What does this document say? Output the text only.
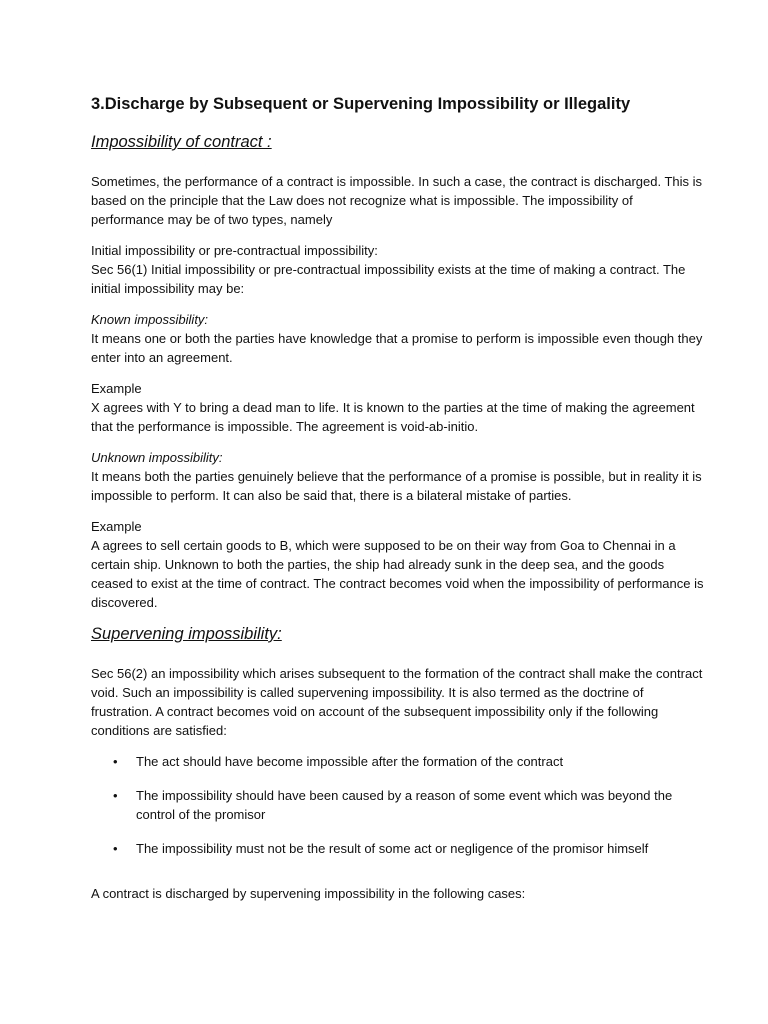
3.Discharge by Subsequent or Supervening Impossibility or Illegality
Impossibility of contract :

Sometimes, the performance of a contract is impossible. In such a case, the contract is discharged. This is based on the principle that the Law does not recognize what is impossible. The impossibility of performance may be of two types, namely

Initial impossibility or pre-contractual impossibility:

Sec 56(1) Initial impossibility or pre-contractual impossibility exists at the time of making a contract. The initial impossibility may be:

Known impossibility:

It means one or both the parties have knowledge that a promise to perform is impossible even though they enter into an agreement.

Example

X agrees with Y to bring a dead man to life. It is known to the parties at the time of making the agreement that the performance is impossible. The agreement is void-ab-initio.

Unknown impossibility:

It means both the parties genuinely believe that the performance of a promise is possible, but in reality it is impossible to perform. It can also be said that, there is a bilateral mistake of parties.

Example

A agrees to sell certain goods to B, which were supposed to be on their way from Goa to Chennai in a certain ship. Unknown to both the parties, the ship had already sunk in the deep sea, and the goods ceased to exist at the time of contract. The contract becomes void when the impossibility of performance is discovered.

Supervening impossibility:

Sec 56(2) an impossibility which arises subsequent to the formation of the contract shall make the contract void. Such an impossibility is called supervening impossibility. It is also termed as the doctrine of frustration. A contract becomes void on account of the subsequent impossibility only if the following conditions are satisfied:

• The act should have become impossible after the formation of the contract
• The impossibility should have been caused by a reason of some event which was beyond the control of the promisor
• The impossibility must not be the result of some act or negligence of the promisor himself

A contract is discharged by supervening impossibility in the following cases:
